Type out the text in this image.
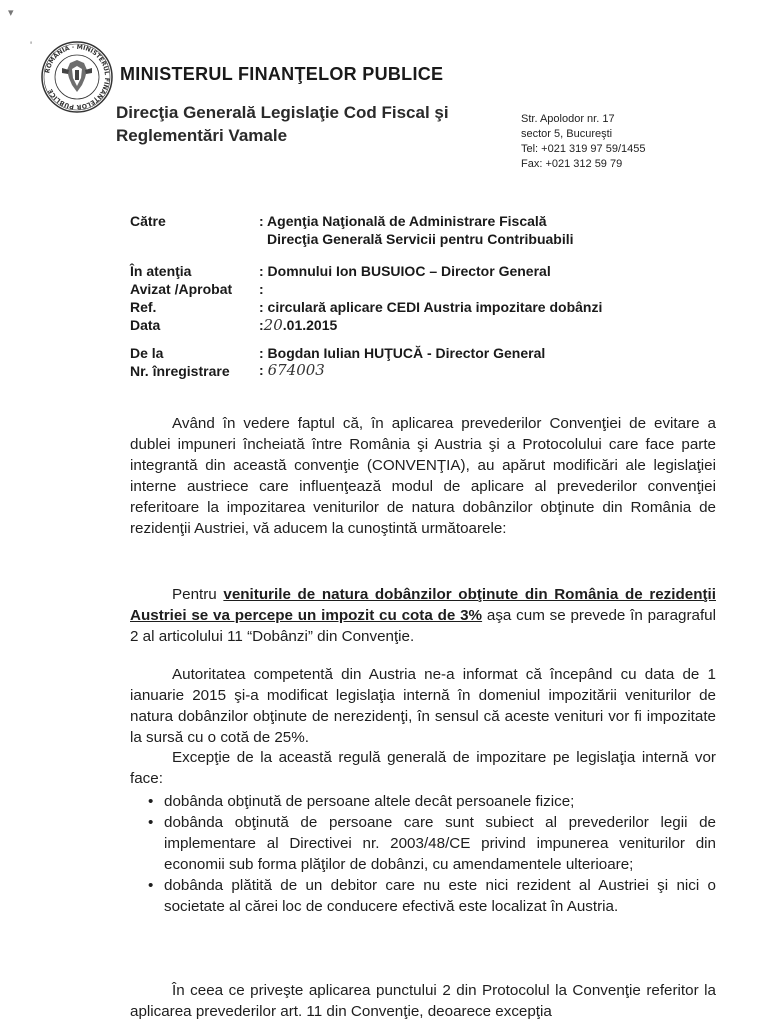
▾
'
ROMÂNIA · MINISTERUL FINANŢELOR PUBLICE
MINISTERUL FINANŢELOR PUBLICE
Direcţia Generală Legislaţie Cod Fiscal şi
Reglementări Vamale
Str. Apolodor nr. 17
sector 5, Bucureşti
Tel: +021 319 97 59/1455
Fax: +021 312 59 79
Către	: Agenţia Naţională de Administrare Fiscală
Direcţia Generală Servicii pentru Contribuabili
În atenţia	: Domnului Ion BUSUIOC – Director General
Avizat /Aprobat :
Ref.	: circulară aplicare CEDI Austria impozitare dobânzi
Data	:20.01.2015
De la	: Bogdan Iulian HUŢUCĂ - Director General
Nr. înregistrare : 674003
Având în vedere faptul că, în aplicarea prevederilor Convenţiei de evitare a dublei impuneri încheiată între România şi Austria şi a Protocolului care face parte integrantă din această convenţie (CONVENŢIA), au apărut modificări ale legislaţiei interne austriece care influenţează modul de aplicare al prevederilor convenţiei referitoare la impozitarea veniturilor de natura dobânzilor obţinute din România de rezidenţii Austriei, vă aducem la cunoştintă următoarele:
Pentru veniturile de natura dobânzilor obţinute din România de rezidenţii Austriei se va percepe un impozit cu cota de 3% aşa cum se prevede în paragraful 2 al articolului 11 “Dobânzi” din Convenţie.
Autoritatea competentă din Austria ne-a informat că începând cu data de 1 ianuarie 2015 şi-a modificat legislaţia internă în domeniul impozitării veniturilor de natura dobânzilor obţinute de nerezidenţi, în sensul că aceste venituri vor fi impozitate la sursă cu o cotă de 25%.
Excepţie de la această regulă generală de impozitare pe legislaţia internă vor face:
• dobânda obţinută de persoane altele decât persoanele fizice;
• dobânda obţinută de persoane care sunt subiect al prevederilor legii de implementare al Directivei nr. 2003/48/CE privind impunerea veniturilor din economii sub forma plăţilor de dobânzi, cu amendamentele ulterioare;
• dobânda plătită de un debitor care nu este nici rezident al Austriei şi nici o societate al cărei loc de conducere efectivă este localizat în Austria.
În ceea ce priveşte aplicarea punctului 2 din Protocolul la Convenţie referitor la aplicarea prevederilor art. 11 din Convenţie, deoarece excepţia
